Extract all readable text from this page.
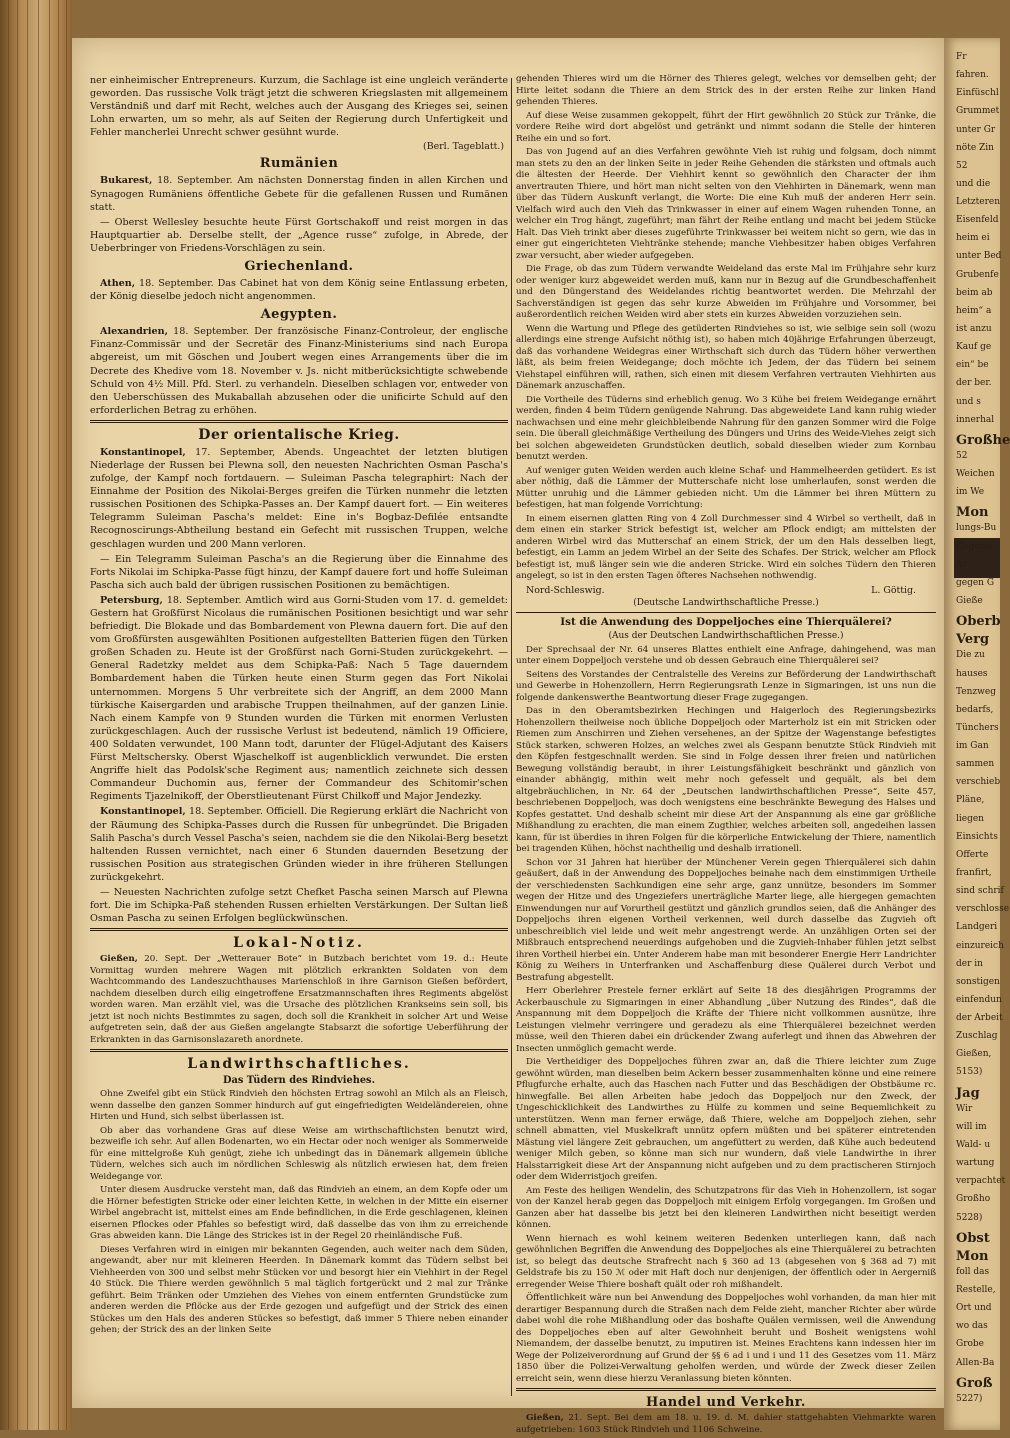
ner einheimischer Entrepreneurs. Kurzum, die Sachlage ist eine ungleich veränderte geworden. Das russische Volk trägt jetzt die schweren Kriegslasten mit allgemeinem Verständniß und darf mit Recht, welches auch der Ausgang des Krieges sei, seinen Lohn erwarten, um so mehr, als auf Seiten der Regierung durch Unfertigkeit und Fehler mancherlei Unrecht schwer gesühnt wurde.

(Berl. Tageblatt.)
Rumänien

Bukarest, 18. September. Am nächsten Donnerstag finden in allen Kirchen und Synagogen Rumäniens öffentliche Gebete für die gefallenen Russen und Rumänen statt.

— Oberst Wellesley besuchte heute Fürst Gortschakoff und reist morgen in das Hauptquartier ab. Derselbe stellt, der „Agence russe“ zufolge, in Abrede, der Ueberbringer von Friedens-Vorschlägen zu sein.

Griechenland.

Athen, 18. September. Das Cabinet hat von dem König seine Entlassung erbeten, der König dieselbe jedoch nicht angenommen.

Aegypten.

Alexandrien, 18. September. Der französische Finanz-Controleur, der englische Finanz-Commissär und der Secretär des Finanz-Ministeriums sind nach Europa abgereist, um mit Göschen und Joubert wegen eines Arrangements über die im Decrete des Khedive vom 18. November v. Js. nicht mitberücksichtigte schwebende Schuld von 4½ Mill. Pfd. Sterl. zu verhandeln. Dieselben schlagen vor, entweder von den Ueberschüssen des Mukaballah abzusehen oder die unificirte Schuld auf den erforderlichen Betrag zu erhöhen.

Der orientalische Krieg.

Konstantinopel, 17. September, Abends. Ungeachtet der letzten blutigen Niederlage der Russen bei Plewna soll, den neuesten Nachrichten Osman Pascha's zufolge, der Kampf noch fortdauern. — Suleiman Pascha telegraphirt: Nach der Einnahme der Position des Nikolai-Berges greifen die Türken nunmehr die letzten russischen Positionen des Schipka-Passes an. Der Kampf dauert fort. — Ein weiteres Telegramm Suleiman Pascha's meldet: Eine in's Bogbaz-Defilée entsandte Recognoscirungs-Abtheilung bestand ein Gefecht mit russischen Truppen, welche geschlagen wurden und 200 Mann verloren.

— Ein Telegramm Suleiman Pascha's an die Regierung über die Einnahme des Forts Nikolai im Schipka-Passe fügt hinzu, der Kampf dauere fort und hoffe Suleiman Pascha sich auch bald der übrigen russischen Positionen zu bemächtigen.

Petersburg, 18. September. Amtlich wird aus Gorni-Studen vom 17. d. gemeldet: Gestern hat Großfürst Nicolaus die rumänischen Positionen besichtigt und war sehr befriedigt. Die Blokade und das Bombardement von Plewna dauern fort. Die auf den vom Großfürsten ausgewählten Positionen aufgestellten Batterien fügen den Türken großen Schaden zu. Heute ist der Großfürst nach Gorni-Studen zurückgekehrt. — General Radetzky meldet aus dem Schipka-Paß: Nach 5 Tage dauerndem Bombardement haben die Türken heute einen Sturm gegen das Fort Nikolai unternommen. Morgens 5 Uhr verbreitete sich der Angriff, an dem 2000 Mann türkische Kaisergarden und arabische Truppen theilnahmen, auf der ganzen Linie. Nach einem Kampfe von 9 Stunden wurden die Türken mit enormen Verlusten zurückgeschlagen. Auch der russische Verlust ist bedeutend, nämlich 19 Officiere, 400 Soldaten verwundet, 100 Mann todt, darunter der Flügel-Adjutant des Kaisers Fürst Meltschersky. Oberst Wjaschelkoff ist augenblicklich verwundet. Die ersten Angriffe hielt das Podolsk'sche Regiment aus; namentlich zeichnete sich dessen Commandeur Duchomin aus, ferner der Commandeur des Schitomir'schen Regiments Tjazelnikoff, der Oberstlieutenant Fürst Chilkoff und Major Jendezky.

Konstantinopel, 18. September. Officiell. Die Regierung erklärt die Nachricht von der Räumung des Schipka-Passes durch die Russen für unbegründet. Die Brigaden Salih Pascha's durch Vessel Pascha's seien, nachdem sie die den Nikolai-Berg besetzt haltenden Russen vernichtet, nach einer 6 Stunden dauernden Besetzung der russischen Position aus strategischen Gründen wieder in ihre früheren Stellungen zurückgekehrt.

— Neuesten Nachrichten zufolge setzt Chefket Pascha seinen Marsch auf Plewna fort. Die im Schipka-Paß stehenden Russen erhielten Verstärkungen. Der Sultan ließ Osman Pascha zu seinen Erfolgen beglückwünschen.

Lokal-Notiz.

Gießen, 20. Sept. Der „Wetterauer Bote“ in Butzbach berichtet vom 19. d.: Heute Vormittag wurden mehrere Wagen mit plötzlich erkrankten Soldaten von dem Wachtcommando des Landeszuchthauses Marienschloß in ihre Garnison Gießen befördert, nachdem dieselben durch eilig eingetroffene Ersatzmannschaften ihres Regiments abgelöst worden waren. Man erzählt viel, was die Ursache des plötzlichen Krankseins sein soll, bis jetzt ist noch nichts Bestimmtes zu sagen, doch soll die Krankheit in solcher Art und Weise aufgetreten sein, daß der aus Gießen angelangte Stabsarzt die sofortige Ueberführung der Erkrankten in das Garnisonslazareth anordnete.

Landwirthschaftliches.
Das Tüdern des Rindviehes.

Ohne Zweifel gibt ein Stück Rindvieh den höchsten Ertrag sowohl an Milch als an Fleisch, wenn dasselbe den ganzen Sommer hindurch auf gut eingefriedigten Weideländereien, ohne Hirten und Hund, sich selbst überlassen ist.

Ob aber das vorhandene Gras auf diese Weise am wirthschaftlichsten benutzt wird, bezweifle ich sehr. Auf allen Bodenarten, wo ein Hectar oder noch weniger als Sommerweide für eine mittelgroße Kuh genügt, ziehe ich unbedingt das in Dänemark allgemein übliche Tüdern, welches sich auch im nördlichen Schleswig als nützlich erwiesen hat, dem freien Weidegange vor.

Unter diesem Ausdrucke versteht man, daß das Rindvieh an einem, an dem Kopfe oder um die Hörner befestigten Stricke oder einer leichten Kette, in welchen in der Mitte ein eiserner Wirbel angebracht ist, mittelst eines am Ende befindlichen, in die Erde geschlagenen, kleinen eisernen Pflockes oder Pfahles so befestigt wird, daß dasselbe das von ihm zu erreichende Gras abweiden kann. Die Länge des Strickes ist in der Regel 20 rheinländische Fuß.

Dieses Verfahren wird in einigen mir bekannten Gegenden, auch weiter nach dem Süden, angewandt, aber nur mit kleineren Heerden. In Dänemark kommt das Tüdern selbst bei Viehheerden von 300 und selbst mehr Stücken vor und besorgt hier ein Viehhirt in der Regel 40 Stück. Die Thiere werden gewöhnlich 5 mal täglich fortgerückt und 2 mal zur Tränke geführt. Beim Tränken oder Umziehen des Viehes von einem entfernten Grundstücke zum anderen werden die Pflöcke aus der Erde gezogen und aufgefügt und der Strick des einen Stückes um den Hals des anderen Stückes so befestigt, daß immer 5 Thiere neben einander gehen; der Strick des an der linken Seite

gehenden Thieres wird um die Hörner des Thieres gelegt, welches vor demselben geht; der Hirte leitet sodann die Thiere an dem Strick des in der ersten Reihe zur linken Hand gehenden Thieres.

Auf diese Weise zusammen gekoppelt, führt der Hirt gewöhnlich 20 Stück zur Tränke, die vordere Reihe wird dort abgelöst und getränkt und nimmt sodann die Stelle der hinteren Reihe ein und so fort.

Das von Jugend auf an dies Verfahren gewöhnte Vieh ist ruhig und folgsam, doch nimmt man stets zu den an der linken Seite in jeder Reihe Gehenden die stärksten und oftmals auch die ältesten der Heerde. Der Viehhirt kennt so gewöhnlich den Character der ihm anvertrauten Thiere, und hört man nicht selten von den Viehhirten in Dänemark, wenn man über das Tüdern Auskunft verlangt, die Worte: Die eine Kuh muß der anderen Herr sein. Vielfach wird auch den Vieh das Trinkwasser in einer auf einem Wagen ruhenden Tonne, an welcher ein Trog hängt, zugeführt; man fährt der Reihe entlang und macht bei jedem Stücke Halt. Das Vieh trinkt aber dieses zugeführte Trinkwasser bei weitem nicht so gern, wie das in einer gut eingerichteten Viehtränke stehende; manche Viehbesitzer haben obiges Verfahren zwar versucht, aber wieder aufgegeben.

Die Frage, ob das zum Tüdern verwandte Weideland das erste Mal im Frühjahre sehr kurz oder weniger kurz abgeweidet werden muß, kann nur in Bezug auf die Grundbeschaffenheit und den Düngerstand des Weidelandes richtig beantwortet werden. Die Mehrzahl der Sachverständigen ist gegen das sehr kurze Abweiden im Frühjahre und Vorsommer, bei außerordentlich reichen Weiden wird aber stets ein kurzes Abweiden vorzuziehen sein.

Wenn die Wartung und Pflege des getüderten Rindviehes so ist, wie selbige sein soll (wozu allerdings eine strenge Aufsicht nöthig ist), so haben mich 40jährige Erfahrungen überzeugt, daß das vorhandene Weidegras einer Wirthschaft sich durch das Tüdern höher verwerthen läßt, als beim freien Weidegange; doch möchte ich Jedem, der das Tüdern bei seinem Viehstapel einführen will, rathen, sich einen mit diesem Verfahren vertrauten Viehhirten aus Dänemark anzuschaffen.

Die Vortheile des Tüderns sind erheblich genug. Wo 3 Kühe bei freiem Weidegange ernährt werden, finden 4 beim Tüdern genügende Nahrung. Das abgeweidete Land kann ruhig wieder nachwachsen und eine mehr gleichbleibende Nahrung für den ganzen Sommer wird die Folge sein. Die überall gleichmäßige Vertheilung des Düngers und Urins des Weide-Viehes zeigt sich bei solchen abgeweideten Grundstücken deutlich, sobald dieselben wieder zum Kornbau benutzt werden.

Auf weniger guten Weiden werden auch kleine Schaf- und Hammelheerden getüdert. Es ist aber nöthig, daß die Lämmer der Mutterschafe nicht lose umherlaufen, sonst werden die Mütter unruhig und die Lämmer gebieden nicht. Um die Lämmer bei ihren Müttern zu befestigen, hat man folgende Vorrichtung:

In einem eisernen glatten Ring von 4 Zoll Durchmesser sind 4 Wirbel so vertheilt, daß in dem einen ein starker Strick befestigt ist, welcher am Pflock endigt; am mittelsten der anderen Wirbel wird das Mutterschaf an einem Strick, der um den Hals desselben liegt, befestigt, ein Lamm an jedem Wirbel an der Seite des Schafes. Der Strick, welcher am Pflock befestigt ist, muß länger sein wie die anderen Stricke. Wird ein solches Tüdern den Thieren angelegt, so ist in den ersten Tagen öfteres Nachsehen nothwendig.

Nord-Schleswig.	L. Göttig.
(Deutsche Landwirthschaftliche Presse.)
Ist die Anwendung des Doppeljoches eine Thierquälerei?
(Aus der Deutschen Landwirthschaftlichen Presse.)

Der Sprechsaal der Nr. 64 unseres Blattes enthielt eine Anfrage, dahingehend, was man unter einem Doppeljoch verstehe und ob dessen Gebrauch eine Thierquälerei sei?

Seitens des Vorstandes der Centralstelle des Vereins zur Beförderung der Landwirthschaft und Gewerbe in Hohenzollern, Herrn Regierungsrath Lenze in Sigmaringen, ist uns nun die folgende dankenswerthe Beantwortung dieser Frage zugegangen.

Das in den Oberamtsbezirken Hechingen und Haigerloch des Regierungsbezirks Hohenzollern theilweise noch übliche Doppeljoch oder Marterholz ist ein mit Stricken oder Riemen zum Anschirren und Ziehen versehenes, an der Spitze der Wagenstange befestigtes Stück starken, schweren Holzes, an welches zwei als Gespann benutzte Stück Rindvieh mit den Köpfen festgeschnallt werden. Sie sind in Folge dessen ihrer freien und natürlichen Bewegung vollständig beraubt, in ihrer Leistungsfähigkeit beschränkt und gänzlich von einander abhängig, mithin weit mehr noch gefesselt und gequält, als bei dem altgebräuchlichen, in Nr. 64 der „Deutschen landwirthschaftlichen Presse“, Seite 457, beschriebenen Doppeljoch, was doch wenigstens eine beschränkte Bewegung des Halses und Kopfes gestattet. Und deshalb scheint mir diese Art der Anspannung als eine gar größliche Mißhandlung zu erachten, die man einem Zugthier, welches arbeiten soll, angedeihen lassen kann, für ist überdies in ihren Folgen für die körperliche Entwickelung der Thiere, namentlich bei tragenden Kühen, höchst nachtheilig und deshalb irrationell.

Schon vor 31 Jahren hat hierüber der Münchener Verein gegen Thierquälerei sich dahin geäußert, daß in der Anwendung des Doppeljoches beinahe nach dem einstimmigen Urtheile der verschiedensten Sachkundigen eine sehr arge, ganz unnütze, besonders im Sommer wegen der Hitze und des Ungeziefers unerträgliche Marter liege, alle hiergegen gemachten Einwendungen nur auf Vorurtheil gestützt und gänzlich grundlos seien, daß die Anhänger des Doppeljochs ihren eigenen Vortheil verkennen, weil durch dasselbe das Zugvieh oft unbeschreiblich viel leide und weit mehr angestrengt werde. An unzähligen Orten sei der Mißbrauch entsprechend neuerdings aufgehoben und die Zugvieh-Inhaber fühlen jetzt selbst ihren Vortheil hierbei ein. Unter Anderem habe man mit besonderer Energie Herr Landrichter König zu Weihers in Unterfranken und Aschaffenburg diese Quälerei durch Verbot und Bestrafung abgestellt.

Herr Oberlehrer Prestele ferner erklärt auf Seite 18 des diesjährigen Programms der Ackerbauschule zu Sigmaringen in einer Abhandlung „über Nutzung des Rindes“, daß die Anspannung mit dem Doppeljoch die Kräfte der Thiere nicht vollkommen ausnütze, ihre Leistungen vielmehr verringere und geradezu als eine Thierquälerei bezeichnet werden müsse, weil den Thieren dabei ein drückender Zwang auferlegt und ihnen das Abwehren der Insecten unmöglich gemacht werde.

Die Vertheidiger des Doppeljoches führen zwar an, daß die Thiere leichter zum Zuge gewöhnt würden, man dieselben beim Ackern besser zusammenhalten könne und eine reinere Pflugfurche erhalte, auch das Haschen nach Futter und das Beschädigen der Obstbäume rc. hinwegfalle. Bei allen Arbeiten habe jedoch das Doppeljoch nur den Zweck, der Ungeschicklichkeit des Landwirthes zu Hülfe zu kommen und seine Bequemlichkeit zu unterstützen. Wenn man ferner erwäge, daß Thiere, welche am Doppeljoch ziehen, sehr schnell abmatten, viel Muskelkraft unnütz opfern müßten und bei späterer eintretenden Mästung viel längere Zeit gebrauchen, um angefüttert zu werden, daß Kühe auch bedeutend weniger Milch geben, so könne man sich nur wundern, daß viele Landwirthe in ihrer Halsstarrigkeit diese Art der Anspannung nicht aufgeben und zu dem practischeren Stirnjoch oder dem Widerristjoch greifen.

Am Feste des heiligen Wendelin, des Schutzpatrons für das Vieh in Hohenzollern, ist sogar von der Kanzel herab gegen das Doppeljoch mit einigem Erfolg vorgegangen. Im Großen und Ganzen aber hat dasselbe bis jetzt bei den kleineren Landwirthen nicht beseitigt werden können.

Wenn hiernach es wohl keinem weiteren Bedenken unterliegen kann, daß nach gewöhnlichen Begriffen die Anwendung des Doppeljoches als eine Thierquälerei zu betrachten ist, so belegt das deutsche Strafrecht nach § 360 ad 13 (abgesehen von § 368 ad 7) mit Geldstrafe bis zu 150 ℳ oder mit Haft doch nur denjenigen, der öffentlich oder in Aergerniß erregender Weise Thiere boshaft quält oder roh mißhandelt.

Öffentlichkeit wäre nun bei Anwendung des Doppeljoches wohl vorhanden, da man hier mit derartiger Bespannung durch die Straßen nach dem Felde zieht, mancher Richter aber würde dabei wohl die rohe Mißhandlung oder das boshafte Quälen vermissen, weil die Anwendung des Doppeljoches eben auf alter Gewohnheit beruht und Bosheit wenigstens wohl Niemandem, der dasselbe benutzt, zu imputiren ist. Meines Erachtens kann indessen hier im Wege der Polizeiverordnung auf Grund der §§ 6 ad i und i und 11 des Gesetzes vom 11. März 1850 über die Polizei-Verwaltung geholfen werden, und würde der Zweck dieser Zeilen erreicht sein, wenn diese hierzu Veranlassung bieten könnten.

Handel und Verkehr.

Gießen, 21. Sept. Bei dem am 18. u. 19. d. M. dahier stattgehabten Viehmarkte waren aufgetrieben: 1603 Stück Rindvieh und 1106 Schweine.

Fr
fahren.
Einfüschl
Grummet
unter Gr
nöte Zin
52
und die
Letzteren
Eisenfeld
heim ei
unter Bed
Grubenfe
beim ab
heim“ a
ist anzu
Kauf ge
ein“ be
der ber.
und s
innerhal
Großhe
52
Weichen
im We
Mon
lungs-Bu
Gegenw
Ar
gegen G
Gieße
Oberb
Verg
Die zu
hauses
Tenzweg
bedarfs,
Tünchers
im Gan
sammen
verschieb
Pläne,
liegen
Einsichts
Offerte
franfirt,
sind schrif
verschlosse
Landgeri
einzureich
der in
sonstigen
einfendun
der Arbeit
Zuschlag
Gießen,
5153)
Jag
Wir
will im
Wald- u
wartung
verpachtet
Großho
5228)
Obst
Mon
foll das
Restelle,
Ort und
wo das
Grobe
Allen-Ba
Groß
5227)
